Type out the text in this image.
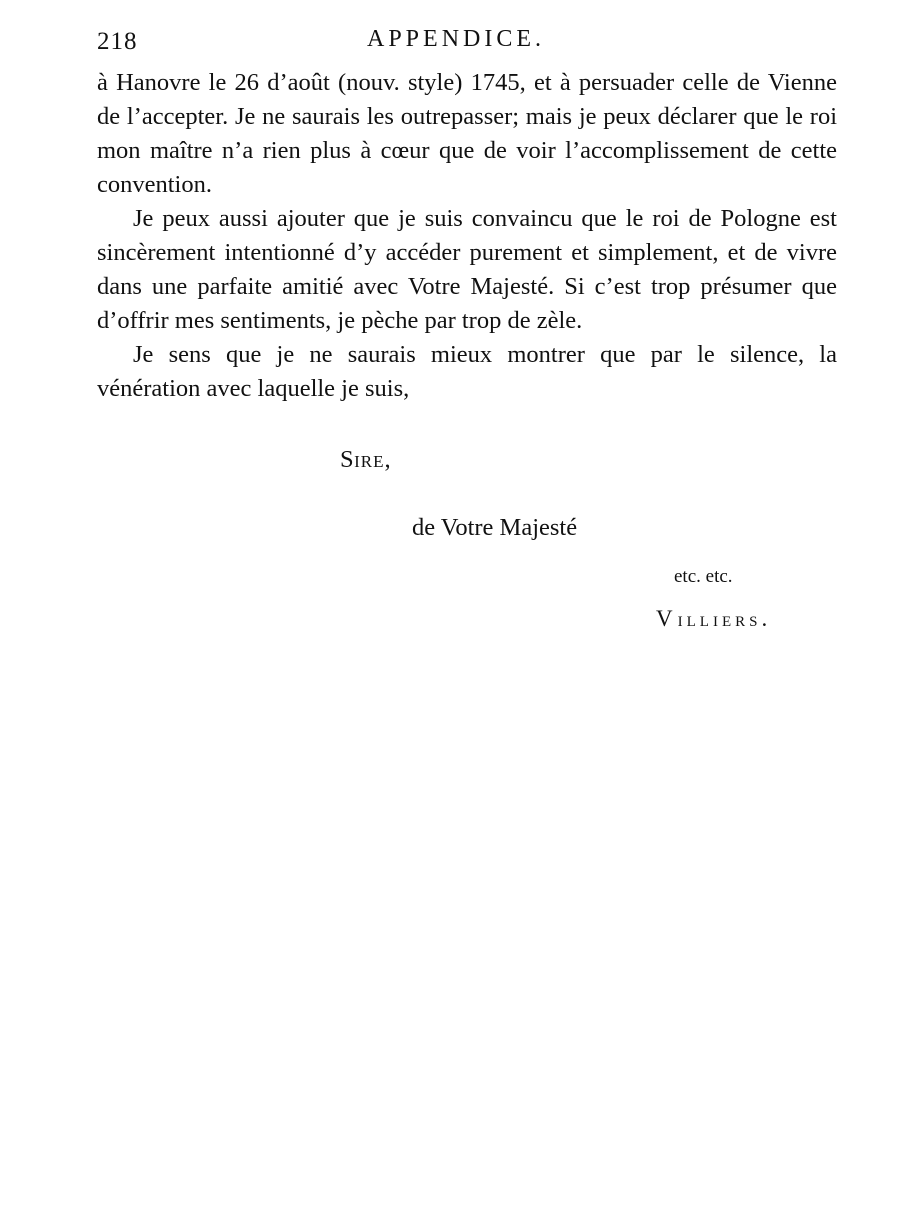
218	APPENDICE.

à Hanovre le 26 d’août (nouv. style) 1745, et à persuader celle de Vienne de l’accepter. Je ne saurais les outrepasser; mais je peux déclarer que le roi mon maître n’a rien plus à cœur que de voir l’accomplissement de cette convention.

Je peux aussi ajouter que je suis convaincu que le roi de Pologne est sincèrement intentionné d’y accéder purement et simplement, et de vivre dans une parfaite amitié avec Votre Majesté. Si c’est trop présumer que d’offrir mes sentiments, je pèche par trop de zèle.

Je sens que je ne saurais mieux montrer que par le silence, la vénération avec laquelle je suis,

SIRE,
de Votre Majesté
etc. etc.
VILLIERS.
